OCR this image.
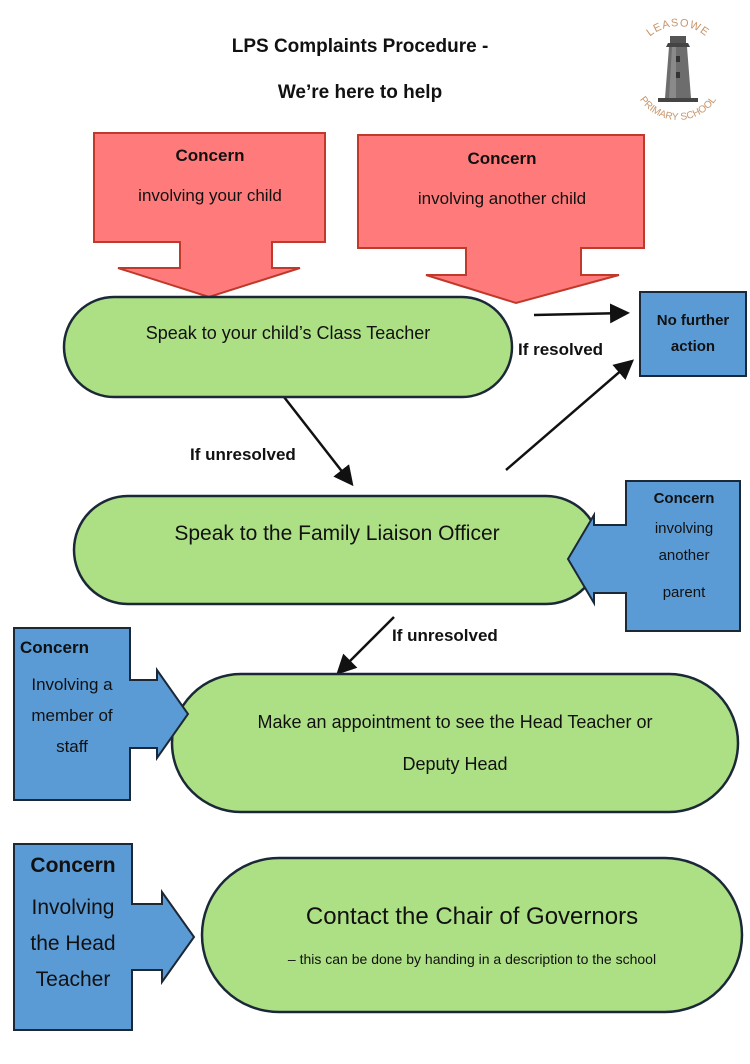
LPS Complaints Procedure -
We’re here to help
LEASOWE
PRIMARY SCHOOL
Concern
involving your child
Concern
involving another child
Speak to your child’s Class Teacher
No further
action
If resolved
If unresolved
If unresolved
Speak to the Family Liaison Officer
Concern
involving
another
parent
Make an appointment to see the Head Teacher or
Deputy Head
Concern
Involving a
member of
staff
Contact the Chair of Governors
– this can be done by handing in a description to the school
Concern
Involving
the Head
Teacher
